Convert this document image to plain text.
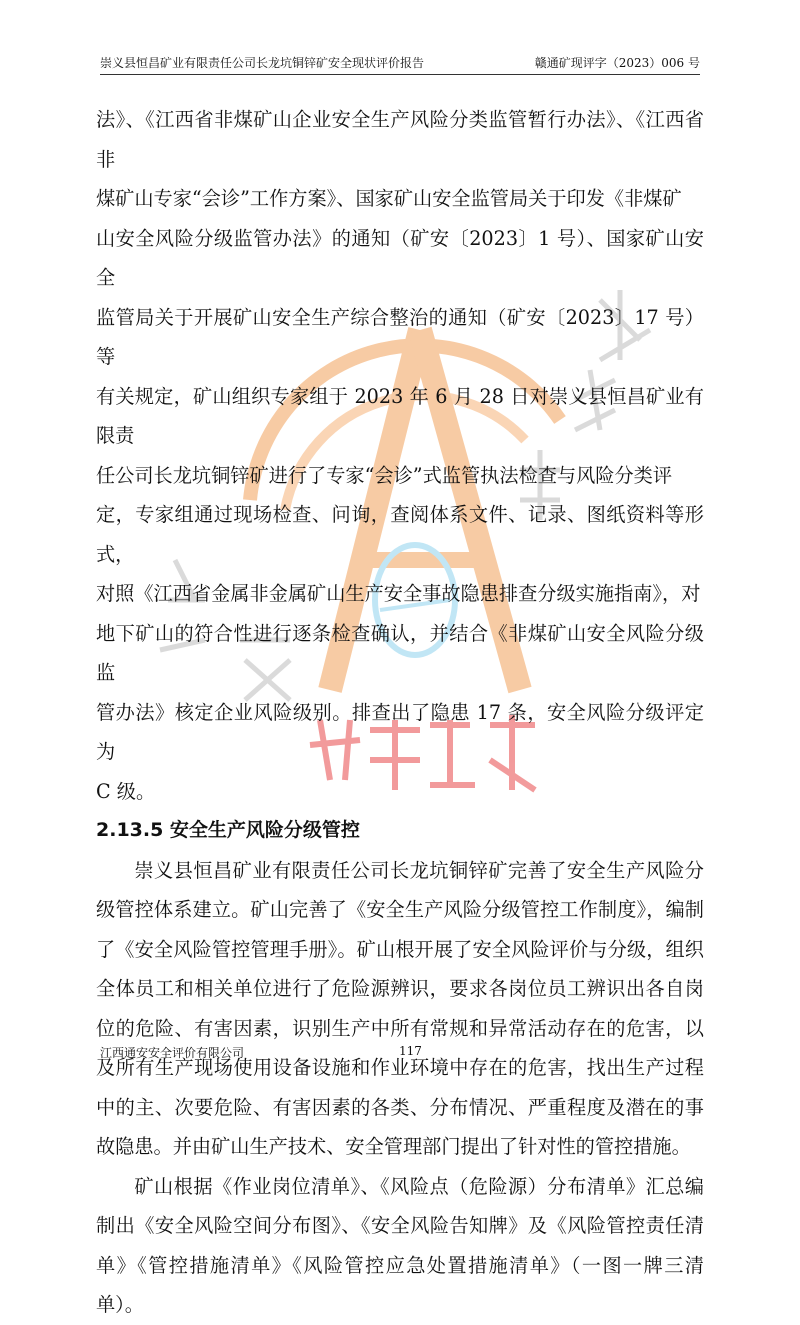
崇义县恒昌矿业有限责任公司长龙坑铜锌矿安全现状评价报告	赣通矿现评字（2023）006 号

法》、《江西省非煤矿山企业安全生产风险分类监管暂行办法》、《江西省非

煤矿山专家“会诊”工作方案》、国家矿山安全监管局关于印发《非煤矿

山安全风险分级监管办法》的通知（矿安〔2023〕1 号）、国家矿山安全

监管局关于开展矿山安全生产综合整治的通知（矿安〔2023〕17 号）等

有关规定，矿山组织专家组于 2023 年 6 月 28 日对崇义县恒昌矿业有限责

任公司长龙坑铜锌矿进行了专家“会诊”式监管执法检查与风险分类评

定，专家组通过现场检查、问询，查阅体系文件、记录、图纸资料等形式，

对照《江西省金属非金属矿山生产安全事故隐患排查分级实施指南》，对

地下矿山的符合性进行逐条检查确认，并结合《非煤矿山安全风险分级监

管办法》核定企业风险级别。排查出了隐患 17 条，安全风险分级评定为

C 级。

2.13.5 安全生产风险分级管控

崇义县恒昌矿业有限责任公司长龙坑铜锌矿完善了安全生产风险分级管控体系建立。矿山完善了《安全生产风险分级管控工作制度》，编制了《安全风险管控管理手册》。矿山根开展了安全风险评价与分级，组织全体员工和相关单位进行了危险源辨识，要求各岗位员工辨识出各自岗位的危险、有害因素，识别生产中所有常规和异常活动存在的危害，以及所有生产现场使用设备设施和作业环境中存在的危害，找出生产过程中的主、次要危险、有害因素的各类、分布情况、严重程度及潜在的事故隐患。并由矿山生产技术、安全管理部门提出了针对性的管控措施。

矿山根据《作业岗位清单》、《风险点（危险源）分布清单》汇总编制出《安全风险空间分布图》、《安全风险告知牌》及《风险管控责任清单》《管控措施清单》《风险管控应急处置措施清单》（一图一牌三清单）。

江西通安安全评价有限公司	117
